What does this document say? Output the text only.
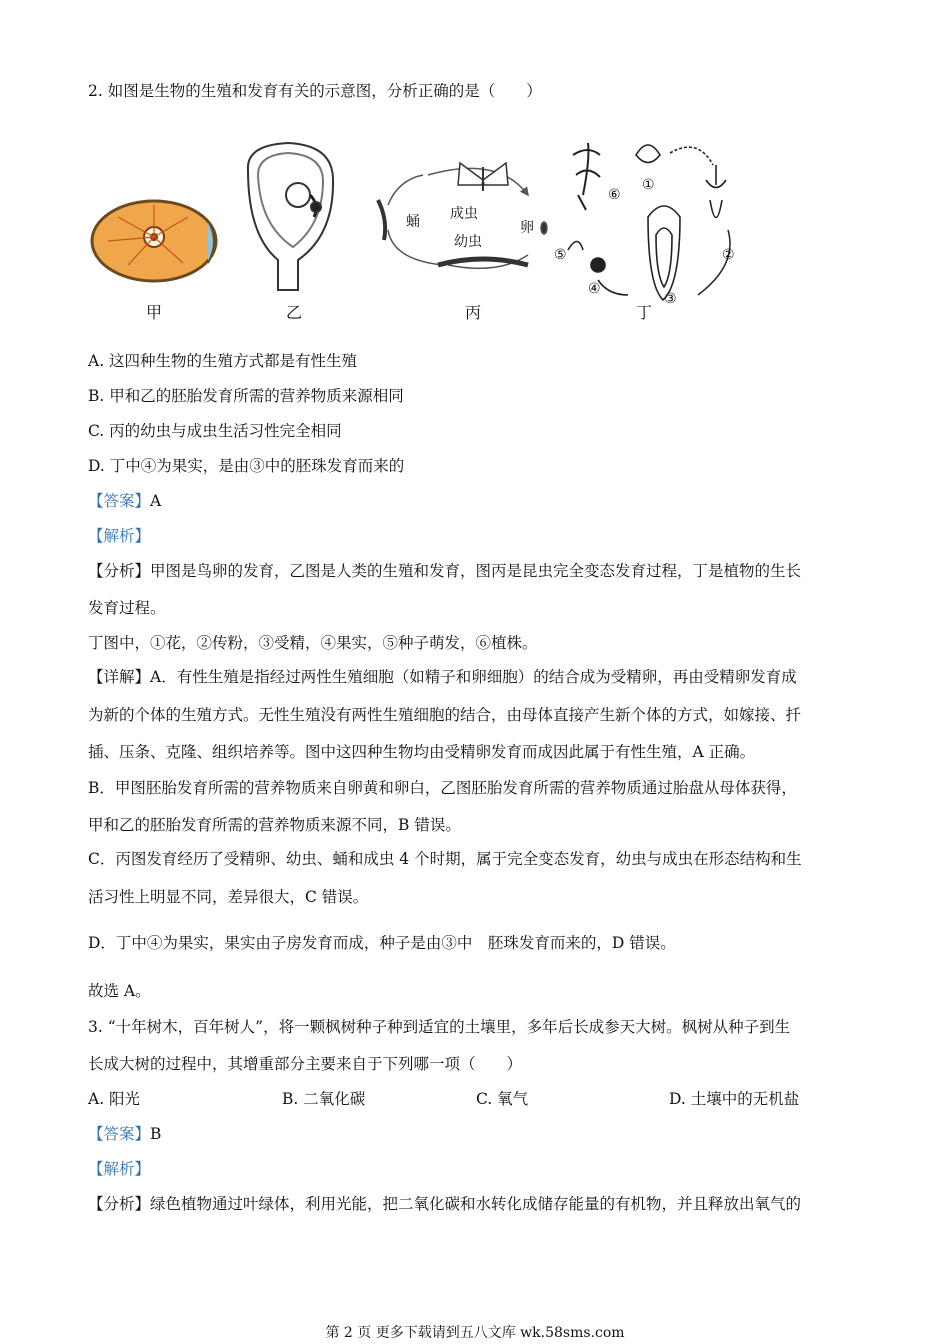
2. 如图是生物的生殖和发育有关的示意图，分析正确的是（　　）
甲	乙	丙	丁
蛹 成虫
幼虫
卵
①
②
③
④
⑤
⑥
A. 这四种生物的生殖方式都是有性生殖
B. 甲和乙的胚胎发育所需的营养物质来源相同
C. 丙的幼虫与成虫生活习性完全相同
D. 丁中④为果实，是由③中的胚珠发育而来的
【答案】A
【解析】
【分析】甲图是鸟卵的发育，乙图是人类的生殖和发育，图丙是昆虫完全变态发育过程，丁是植物的生长
发育过程。
丁图中，①花，②传粉，③受精，④果实，⑤种子萌发，⑥植株。
【详解】A．有性生殖是指经过两性生殖细胞（如精子和卵细胞）的结合成为受精卵，再由受精卵发育成
为新的个体的生殖方式。无性生殖没有两性生殖细胞的结合，由母体直接产生新个体的方式，如嫁接、扦
插、压条、克隆、组织培养等。图中这四种生物均由受精卵发育而成因此属于有性生殖，A 正确。
B．甲图胚胎发育所需的营养物质来自卵黄和卵白，乙图胚胎发育所需的营养物质通过胎盘从母体获得，
甲和乙的胚胎发育所需的营养物质来源不同，B 错误。
C．丙图发育经历了受精卵、幼虫、蛹和成虫 4 个时期，属于完全变态发育，幼虫与成虫在形态结构和生
活习性上明显不同，差异很大，C 错误。
D．丁中④为果实，果实由子房发育而成，种子是由③中　胚珠发育而来的，D 错误。
故选 A。
3. “十年树木，百年树人”，将一颗枫树种子种到适宜的土壤里，多年后长成参天大树。枫树从种子到生
长成大树的过程中，其增重部分主要来自于下列哪一项（　　）
A. 阳光	B. 二氧化碳	C. 氧气	D. 土壤中的无机盐
【答案】B
【解析】
【分析】绿色植物通过叶绿体，利用光能，把二氧化碳和水转化成储存能量的有机物，并且释放出氧气的
第 2 页 更多下载请到五八文库 wk.58sms.com
